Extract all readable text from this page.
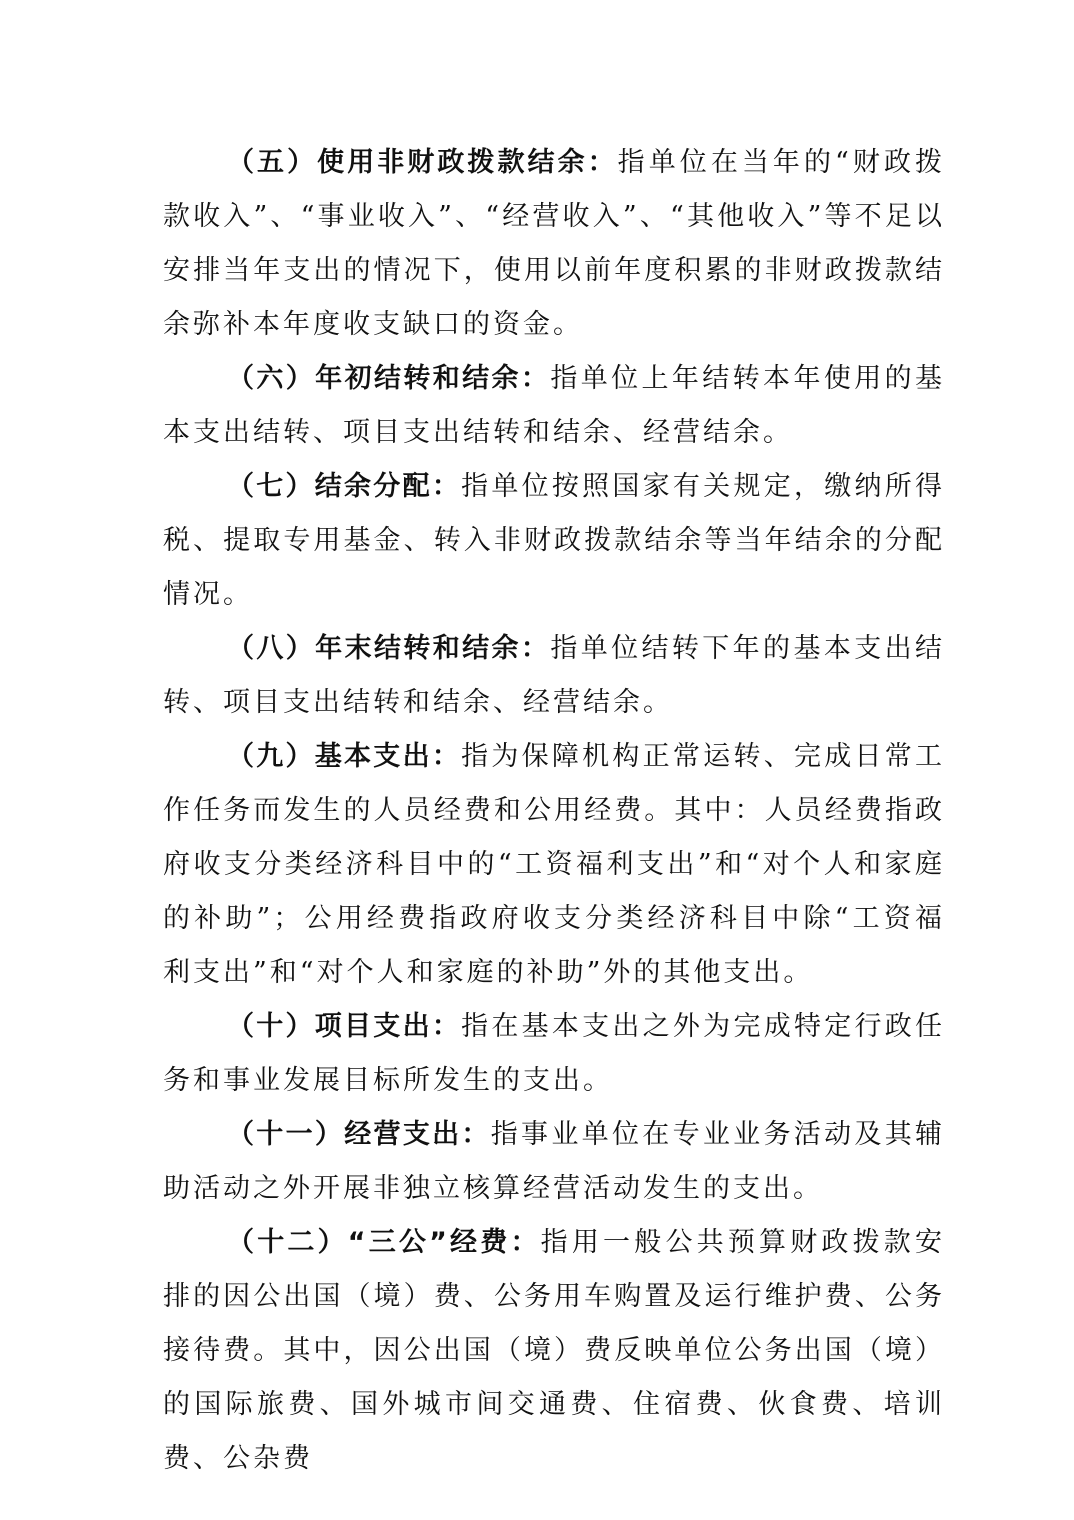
（五）使用非财政拨款结余：指单位在当年的“财政拨款收入”、“事业收入”、“经营收入”、“其他收入”等不足以安排当年支出的情况下，使用以前年度积累的非财政拨款结余弥补本年度收支缺口的资金。

（六）年初结转和结余：指单位上年结转本年使用的基本支出结转、项目支出结转和结余、经营结余。

（七）结余分配：指单位按照国家有关规定，缴纳所得税、提取专用基金、转入非财政拨款结余等当年结余的分配情况。

（八）年末结转和结余：指单位结转下年的基本支出结转、项目支出结转和结余、经营结余。

（九）基本支出：指为保障机构正常运转、完成日常工作任务而发生的人员经费和公用经费。其中：人员经费指政府收支分类经济科目中的“工资福利支出”和“对个人和家庭的补助”；公用经费指政府收支分类经济科目中除“工资福利支出”和“对个人和家庭的补助”外的其他支出。

（十）项目支出：指在基本支出之外为完成特定行政任务和事业发展目标所发生的支出。

（十一）经营支出：指事业单位在专业业务活动及其辅助活动之外开展非独立核算经营活动发生的支出。

（十二）“三公”经费：指用一般公共预算财政拨款安排的因公出国（境）费、公务用车购置及运行维护费、公务接待费。其中，因公出国（境）费反映单位公务出国（境）的国际旅费、国外城市间交通费、住宿费、伙食费、培训费、公杂费
